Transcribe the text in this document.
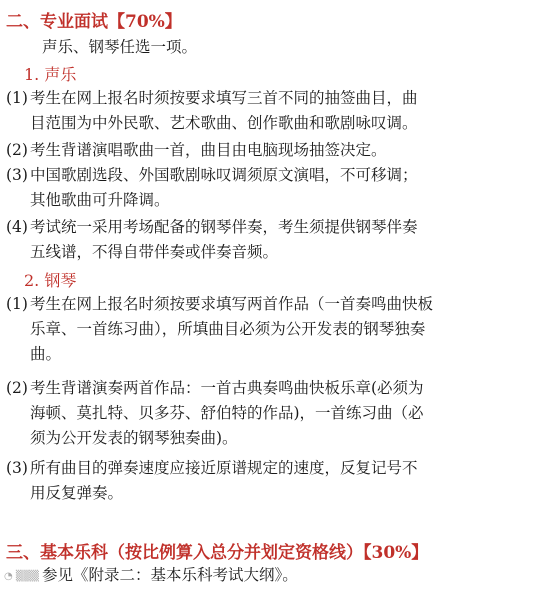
二、专业面试【70%】
声乐、钢琴任选一项。
1. 声乐
(1) 考生在网上报名时须按要求填写三首不同的抽签曲目，曲
目范围为中外民歌、艺术歌曲、创作歌曲和歌剧咏叹调。
(2) 考生背谱演唱歌曲一首，曲目由电脑现场抽签决定。
(3) 中国歌剧选段、外国歌剧咏叹调须原文演唱，不可移调；
其他歌曲可升降调。
(4) 考试统一采用考场配备的钢琴伴奏，考生须提供钢琴伴奏
五线谱，不得自带伴奏或伴奏音频。
2. 钢琴
(1) 考生在网上报名时须按要求填写两首作品（一首奏鸣曲快板
乐章、一首练习曲），所填曲目必须为公开发表的钢琴独奏
曲。
(2) 考生背谱演奏两首作品：一首古典奏鸣曲快板乐章(必须为
海顿、莫扎特、贝多芬、舒伯特的作品)，一首练习曲（必
须为公开发表的钢琴独奏曲)。
(3) 所有曲目的弹奏速度应接近原谱规定的速度，反复记号不
用反复弹奏。
三、基本乐科（按比例算入总分并划定资格线）【30%】
参见《附录二：基本乐科考试大纲》。
◔ ▒▒▒
